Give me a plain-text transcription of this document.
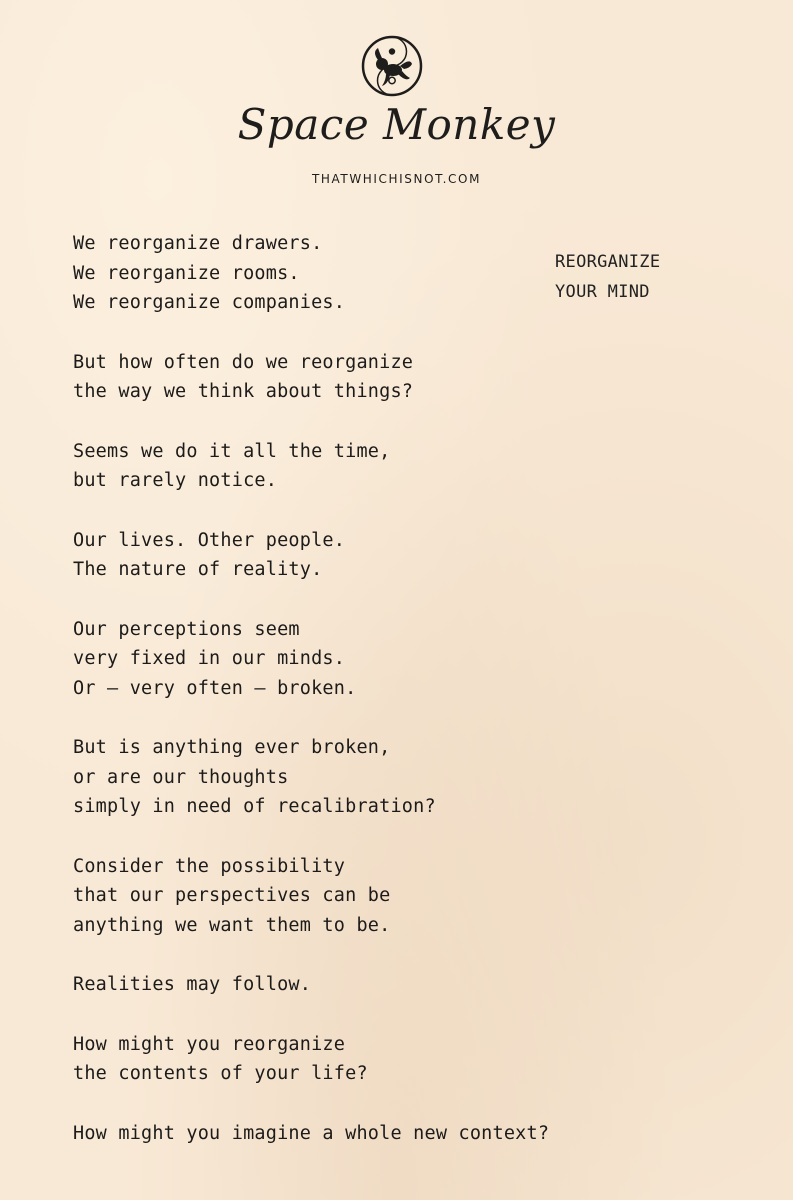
Space Monkey
THATWHICHISNOT.COM
REORGANIZE
YOUR MIND
We reorganize drawers.
We reorganize rooms.
We reorganize companies.
But how often do we reorganize
the way we think about things?
Seems we do it all the time,
but rarely notice.
Our lives. Other people.
The nature of reality.
Our perceptions seem
very fixed in our minds.
Or — very often — broken.
But is anything ever broken,
or are our thoughts
simply in need of recalibration?
Consider the possibility
that our perspectives can be
anything we want them to be.
Realities may follow.
How might you reorganize
the contents of your life?
How might you imagine a whole new context?
